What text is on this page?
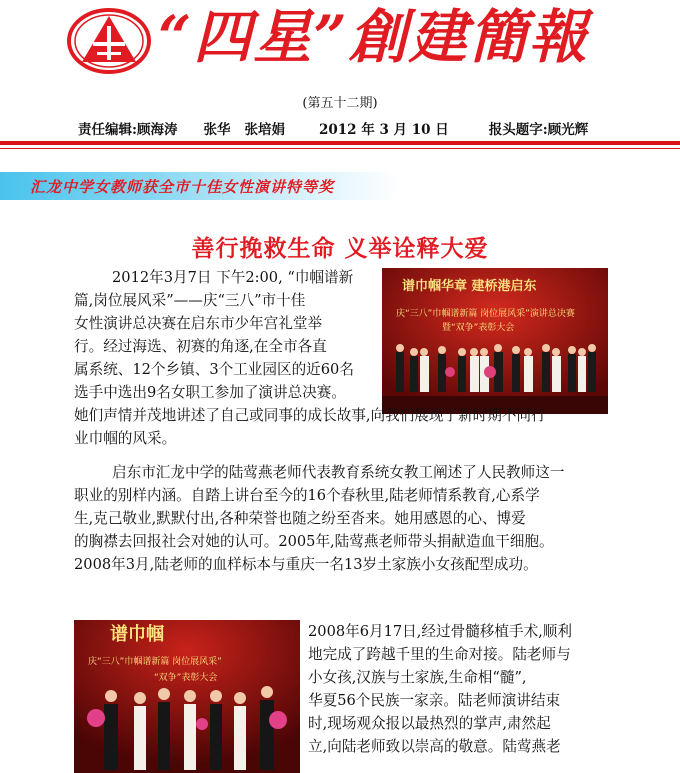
“四星”創建簡報
(第五十二期)
责任编辑:顾海涛 张华 张培娟	2012 年 3 月 10 日	报头题字:顾光辉
汇龙中学女教师获全市十佳女性演讲特等奖
善行挽救生命 义举诠释大爱
谱巾帼华章 建桥港启东
庆“三八”巾帼谱新篇 岗位展风采”演讲总决赛
暨“双争”表彰大会
2012年3月7日 下午2:00, “巾帼谱新
篇,岗位展风采”——庆“三八”市十佳
女性演讲总决赛在启东市少年宫礼堂举
行。经过海选、初赛的角逐,在全市各直
属系统、12个乡镇、3个工业园区的近60名
选手中选出9名女职工参加了演讲总决赛。
她们声情并茂地讲述了自己或同事的成长故事,向我们展现了新时期不同行
业巾帼的风采。
启东市汇龙中学的陆莺燕老师代表教育系统女教工阐述了人民教师这一
职业的别样内涵。自踏上讲台至今的16个春秋里,陆老师情系教育,心系学
生,克己敬业,默默付出,各种荣誉也随之纷至沓来。她用感恩的心、博爱
的胸襟去回报社会对她的认可。2005年,陆莺燕老师带头捐献造血干细胞。
2008年3月,陆老师的血样标本与重庆一名13岁土家族小女孩配型成功。
谱巾帼
庆“三八”巾帼谱新篇 岗位展风采”
“双争”表彰大会
2008年6月17日,经过骨髓移植手术,顺利
地完成了跨越千里的生命对接。陆老师与
小女孩,汉族与土家族,生命相“髓”,
华夏56个民族一家亲。陆老师演讲结束
时,现场观众报以最热烈的掌声,肃然起
立,向陆老师致以崇高的敬意。陆莺燕老
